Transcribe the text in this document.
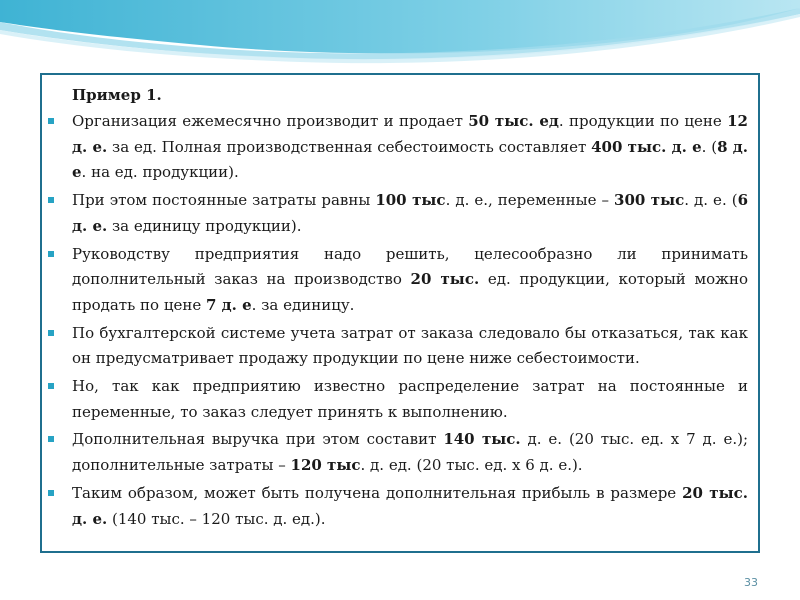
Пример 1.
Организация ежемесячно производит и продает 50 тыс. ед. продукции по цене 12 д. е. за ед. Полная производственная себестоимость составляет 400 тыс. д. е. (8 д. е. на ед. продукции).
При этом постоянные затраты равны 100 тыс. д. е., переменные – 300 тыс. д. е. (6 д. е. за единицу продукции).
Руководству предприятия надо решить, целесообразно ли принимать дополнительный заказ на производство 20 тыс. ед. продукции, который можно продать по цене 7 д. е. за единицу.
По бухгалтерской системе учета затрат от заказа следовало бы отказаться, так как он предусматривает продажу продукции по цене ниже себестоимости.
Но, так как предприятию известно распределение затрат на постоянные и переменные, то заказ следует принять к выполнению.
Дополнительная выручка при этом составит 140 тыс. д. е. (20 тыс. ед. х 7 д. е.); дополнительные затраты – 120 тыс. д. ед. (20 тыс. ед. х 6 д. е.).
Таким образом, может быть получена дополнительная прибыль в размере 20 тыс. д. е. (140 тыс. – 120 тыс. д. ед.).
33
